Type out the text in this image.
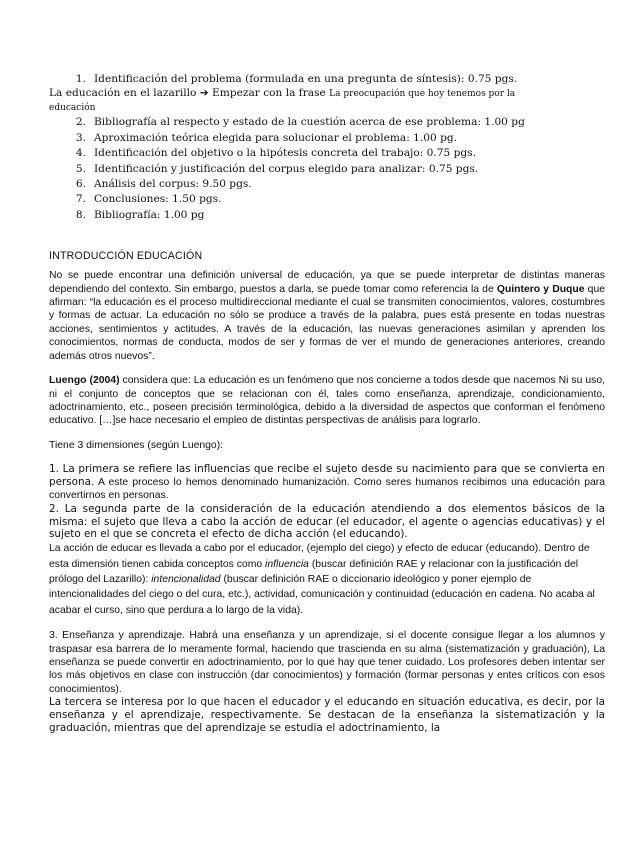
1. Identificación del problema (formulada en una pregunta de síntesis): 0.75 pgs.
La educación en el lazarillo ➔ Empezar con la frase La preocupación que hoy tenemos por la
educación
2. Bibliografía al respecto y estado de la cuestión acerca de ese problema: 1.00 pg
3. Aproximación teórica elegida para solucionar el problema: 1.00 pg.
4. Identificación del objetivo o la hipótesis concreta del trabajo: 0.75 pgs.
5. Identificación y justificación del corpus elegido para analizar: 0.75 pgs.
6. Análisis del corpus: 9.50 pgs.
7. Conclusiones: 1.50 pgs.
8. Bibliografía: 1.00 pg
INTRODUCCIÓN EDUCACIÓN

No se puede encontrar una definición universal de educación, ya que se puede interpretar de distintas maneras dependiendo del contexto. Sin embargo, puestos a darla, se puede tomar como referencia la de Quintero y Duque que afirman: “la educación es el proceso multidireccional mediante el cual se transmiten conocimientos, valores, costumbres y formas de actuar. La educación no sólo se produce a través de la palabra, pues está presente en todas nuestras acciones, sentimientos y actitudes. A través de la educación, las nuevas generaciones asimilan y aprenden los conocimientos, normas de conducta, modos de ser y formas de ver el mundo de generaciones anteriores, creando además otros nuevos”.

Luengo (2004) considera que: La educación es un fenómeno que nos concierne a todos desde que nacemos Ni su uso, ni el conjunto de conceptos que se relacionan con él, tales como enseñanza, aprendizaje, condicionamiento, adoctrinamiento, etc., poseen precisión terminológica, debido a la diversidad de aspectos que conforman el fenómeno educativo. […]se hace necesario el empleo de distintas perspectivas de análisis para lograrlo.

Tiene 3 dimensiones (según Luengo):

1. La primera se refiere las influencias que recibe el sujeto desde su nacimiento para que se convierta en persona. A este proceso lo hemos denominado humanización. Como seres humanos recibimos una educación para convertirnos en personas.

2. La segunda parte de la consideración de la educación atendiendo a dos elementos básicos de la misma: el sujeto que lleva a cabo la acción de educar (el educador, el agente o agencias educativas) y el sujeto en el que se concreta el efecto de dicha acción (el educando).

La acción de educar es llevada a cabo por el educador, (ejemplo del ciego) y efecto de educar (educando). Dentro de esta dimensión tienen cabida conceptos como influencia (buscar definición RAE y relacionar con la justificación del prólogo del Lazarillo): intencionalidad (buscar definición RAE o diccionario ideológico y poner ejemplo de intencionalidades del ciego o del cura, etc.), actividad, comunicación y continuidad (educación en cadena. No acaba al acabar el curso, sino que perdura a lo largo de la vida).

3. Enseñanza y aprendizaje. Habrá una enseñanza y un aprendizaje, si el docente consigue llegar a los alumnos y traspasar esa barrera de lo meramente formal, haciendo que trascienda en su alma (sistematización y graduación), La enseñanza se puede convertir en adoctrinamiento, por lo que hay que tener cuidado. Los profesores deben intentar ser los más objetivos en clase con instrucción (dar conocimientos) y formación (formar personas y entes críticos con esos conocimientos).

La tercera se interesa por lo que hacen el educador y el educando en situación educativa, es decir, por la enseñanza y el aprendizaje, respectivamente. Se destacan de la enseñanza la sistematización y la graduación, mientras que del aprendizaje se estudia el adoctrinamiento, la
